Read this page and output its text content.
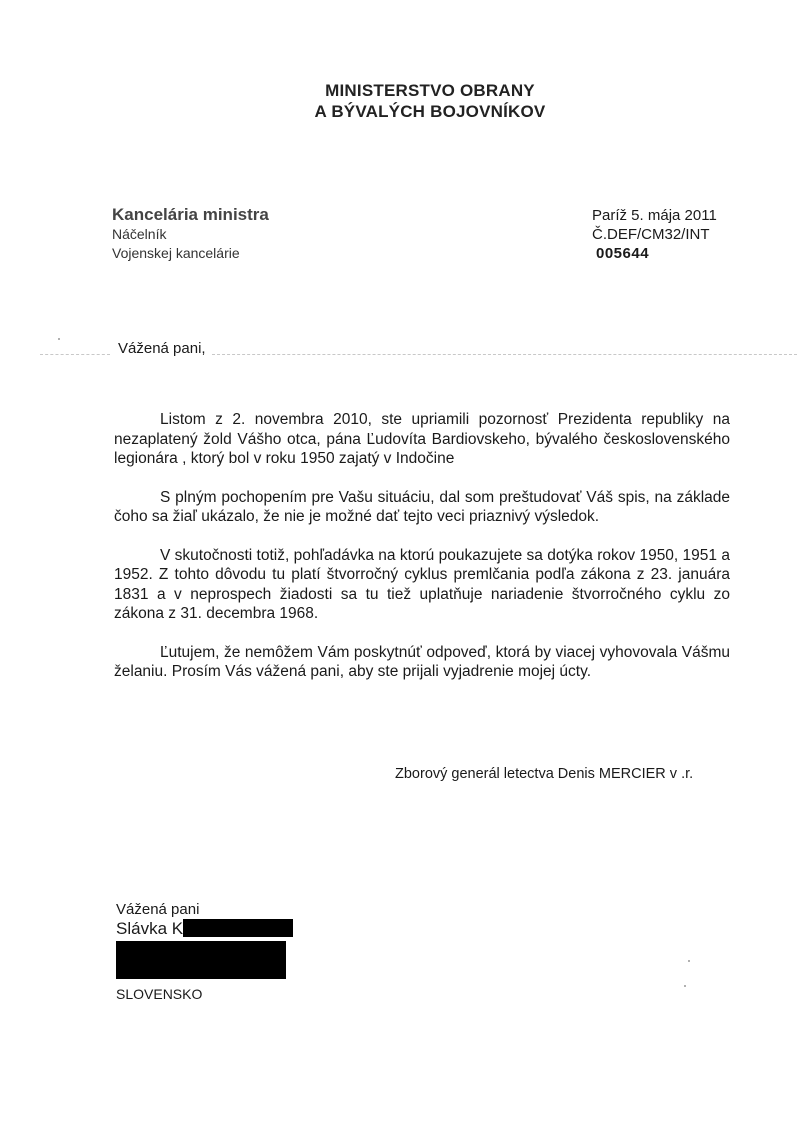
MINISTERSTVO OBRANY
A BÝVALÝCH BOJOVNÍKOV
Kancelária ministra
Náčelník
Vojenskej kancelárie
Paríž 5. mája 2011
Č.DEF/CM32/INT
005644
Vážená pani,

Listom z 2. novembra 2010, ste upriamili pozornosť Prezidenta republiky na nezaplatený žold Vášho otca, pána Ľudovíta Bardiovskeho, bývalého československého legionára , ktorý bol v roku 1950 zajatý v Indočine

S plným pochopením pre Vašu situáciu, dal som preštudovať Váš spis, na základe čoho sa žiaľ ukázalo, že nie je možné dať tejto veci priaznivý výsledok.

V skutočnosti totiž, pohľadávka na ktorú poukazujete sa dotýka rokov 1950, 1951 a 1952. Z tohto dôvodu tu platí štvorročný cyklus premlčania podľa zákona z 23. januára 1831 a v neprospech žiadosti sa tu tiež uplatňuje nariadenie štvorročného cyklu zo zákona z 31. decembra 1968.

Ľutujem, že nemôžem Vám poskytnúť odpoveď, ktorá by viacej vyhovovala Vášmu želaniu. Prosím Vás vážená pani, aby ste prijali vyjadrenie mojej úcty.

Zborový generál letectva Denis MERCIER v .r.
Vážená pani
Slávka K
SLOVENSKO
